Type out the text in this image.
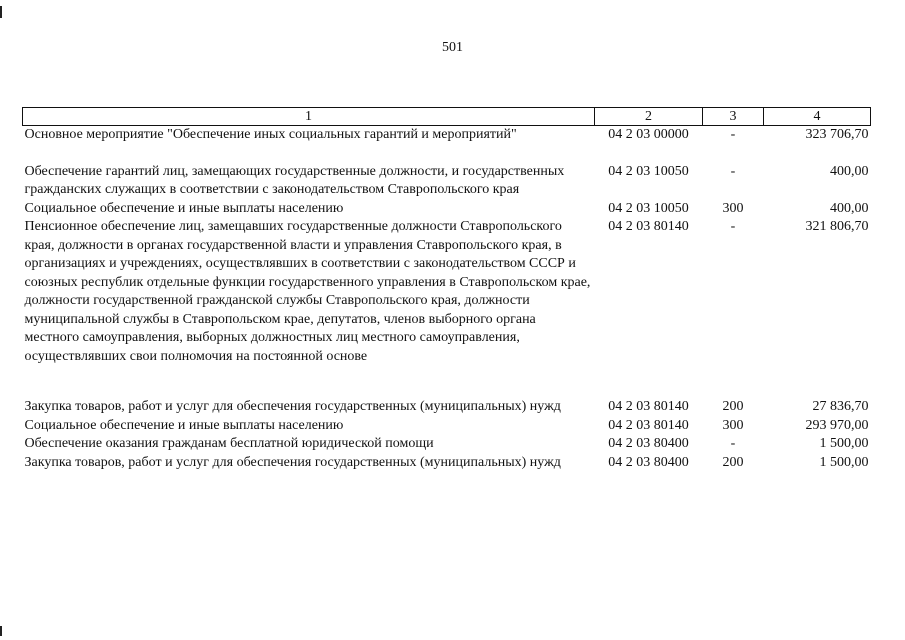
501
1	2	3	4
Основное мероприятие "Обеспечение иных социальных гарантий и мероприятий"	04 2 03 00000	-	323 706,70
Обеспечение гарантий лиц, замещающих государственные должности, и государственных гражданских служащих в соответствии с законодательством Ставропольского края	04 2 03 10050	-	400,00
Социальное обеспечение и иные выплаты населению	04 2 03 10050	300	400,00
Пенсионное обеспечение лиц, замещавших государственные должности Ставропольского края, должности в органах государственной власти и управления Ставропольского края, в организациях и учреждениях, осуществлявших в соответствии с законодательством СССР и союзных республик отдельные функции государственного управления в Ставропольском крае, должности государственной гражданской службы Ставропольского края, должности муниципальной службы в Ставропольском крае, депутатов, членов выборного органа местного самоуправления, выборных должностных лиц местного самоуправления, осуществлявших свои полномочия на постоянной основе	04 2 03 80140	-	321 806,70
Закупка товаров, работ и услуг для обеспечения государственных (муниципальных) нужд	04 2 03 80140	200	27 836,70
Социальное обеспечение и иные выплаты населению	04 2 03 80140	300	293 970,00
Обеспечение оказания гражданам бесплатной юридической помощи	04 2 03 80400	-	1 500,00
Закупка товаров, работ и услуг для обеспечения государственных (муниципальных) нужд	04 2 03 80400	200	1 500,00
